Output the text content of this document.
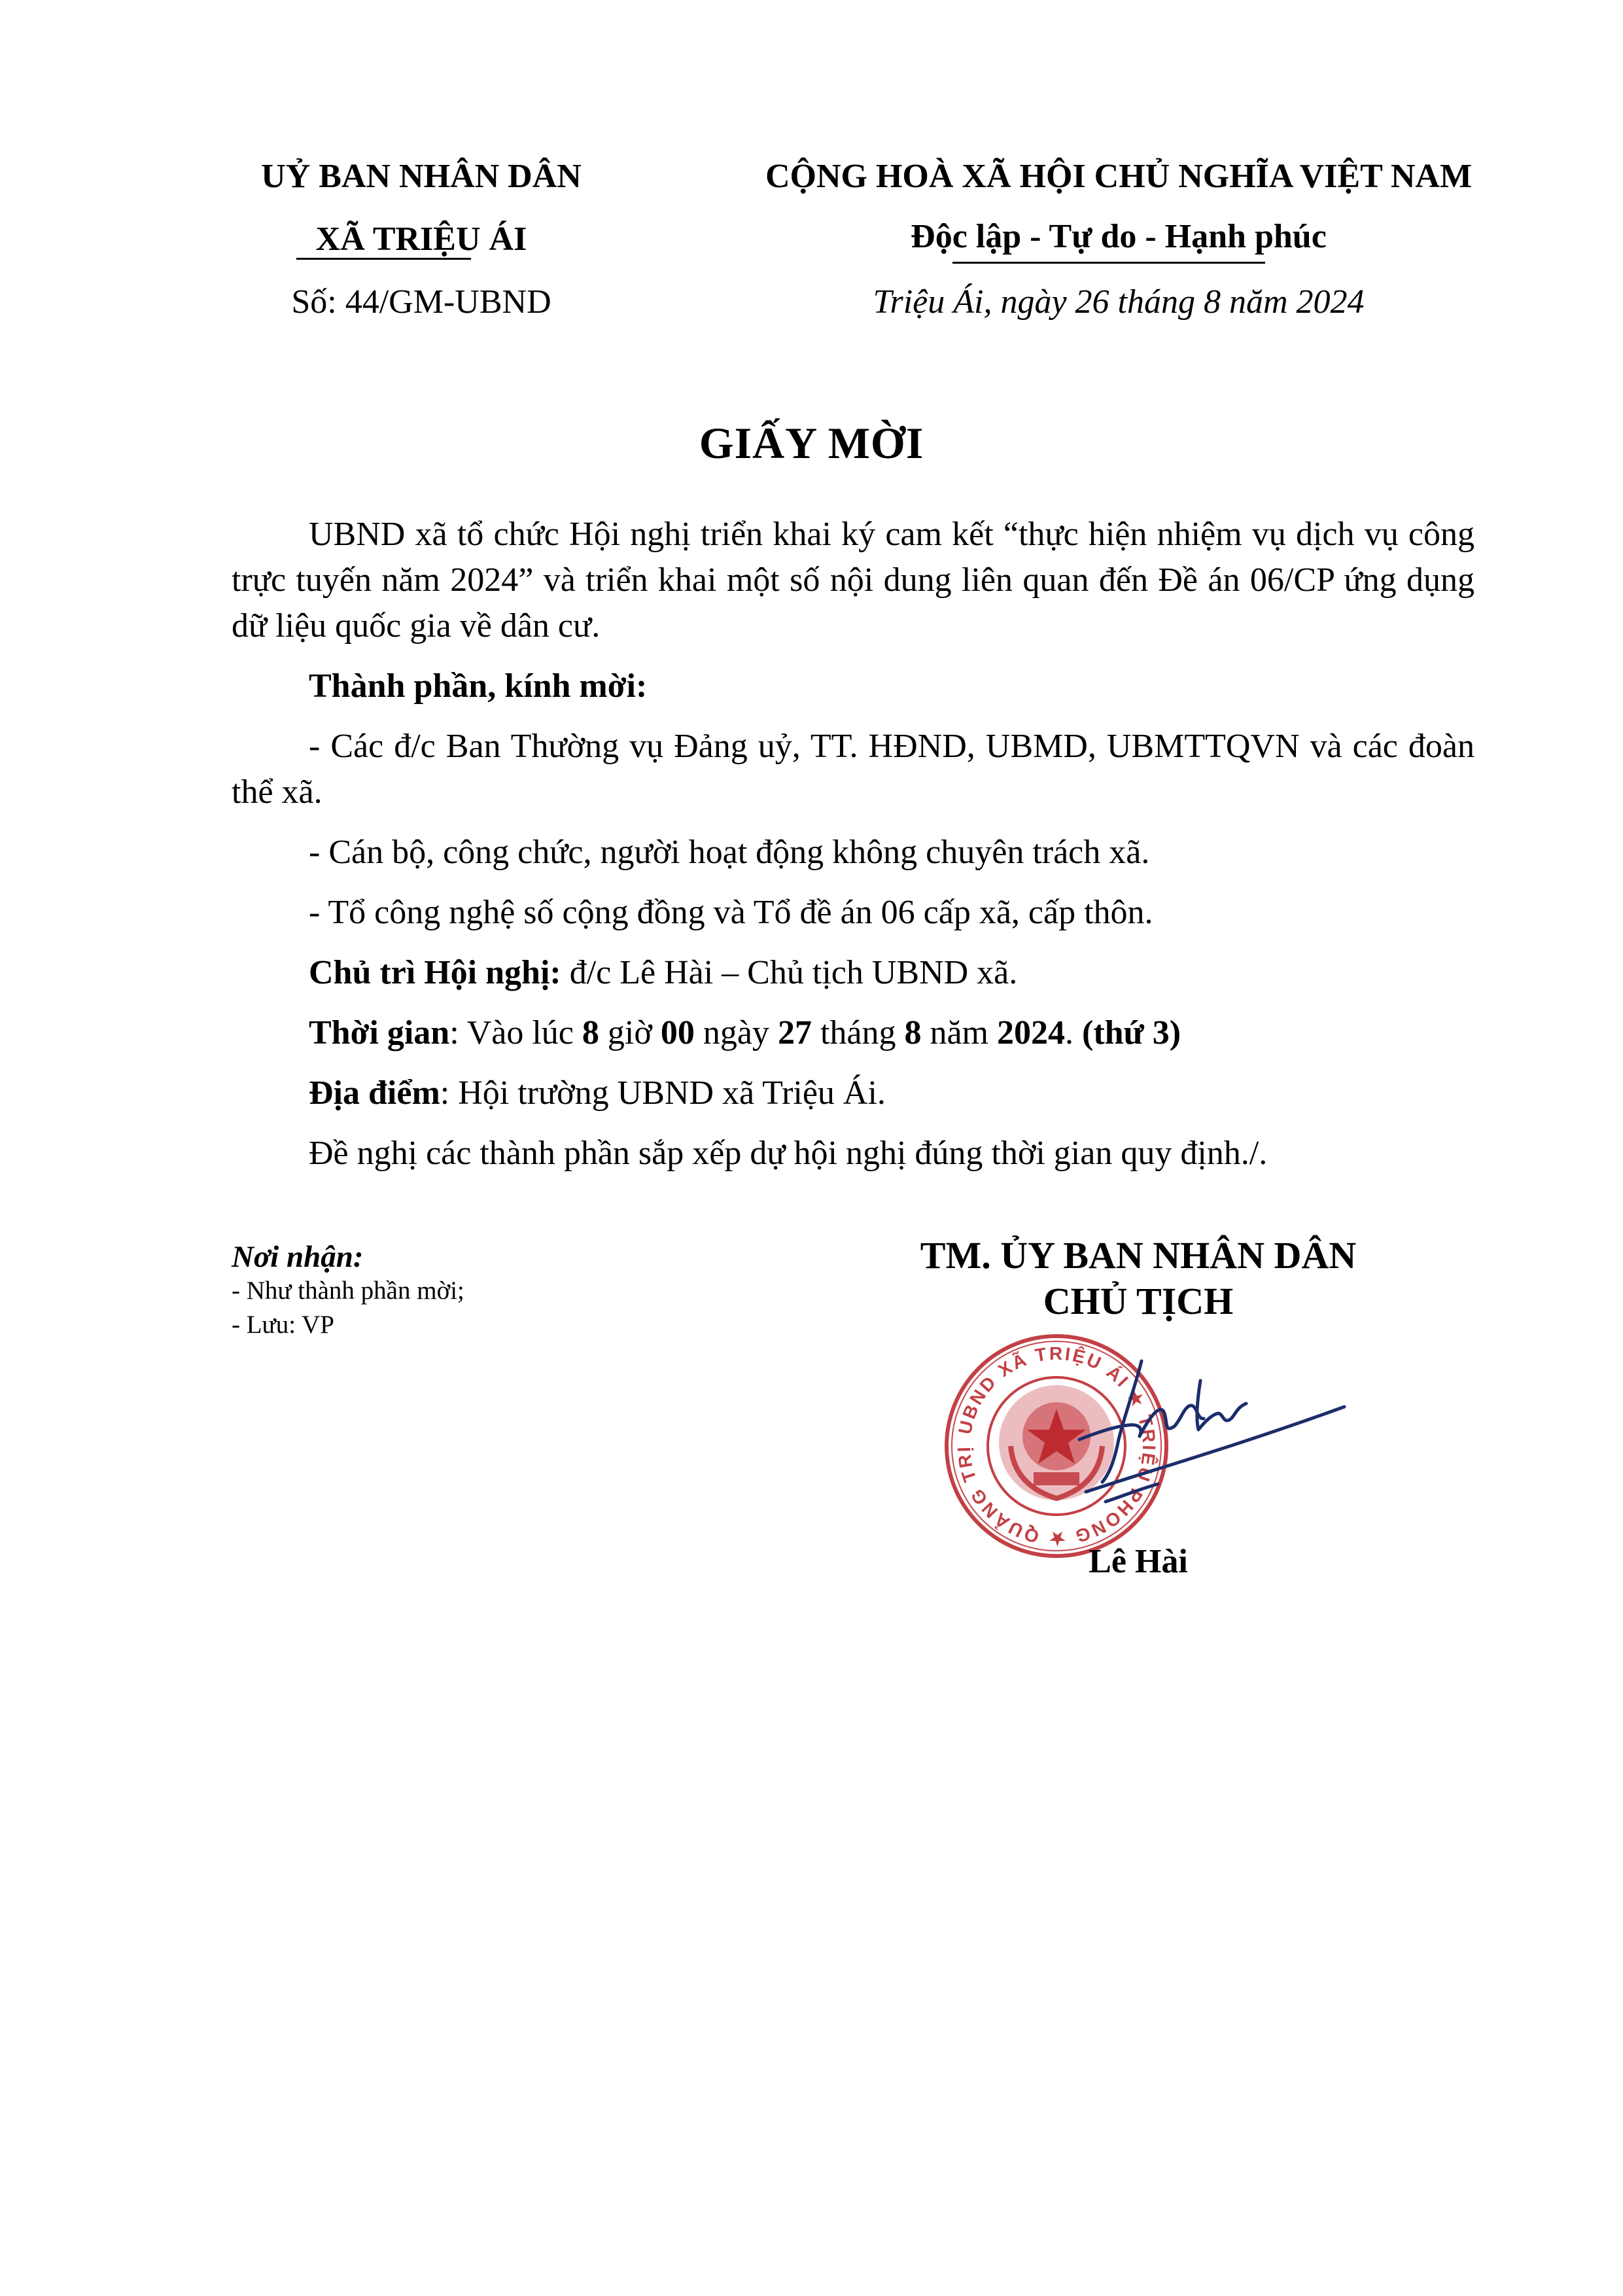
UỶ BAN NHÂN DÂN
XÃ TRIỆU ÁI
Số: 44/GM-UBND
CỘNG HOÀ XÃ HỘI CHỦ NGHĨA VIỆT NAM
Độc lập - Tự do - Hạnh phúc
Triệu Ái, ngày 26 tháng 8 năm 2024
GIẤY MỜI

UBND xã tổ chức Hội nghị triển khai ký cam kết “thực hiện nhiệm vụ dịch vụ công trực tuyến năm 2024” và triển khai một số nội dung liên quan đến Đề án 06/CP ứng dụng dữ liệu quốc gia về dân cư.

Thành phần, kính mời:

- Các đ/c Ban Thường vụ Đảng uỷ, TT. HĐND, UBMD, UBMTTQVN và các đoàn thể xã.

- Cán bộ, công chức, người hoạt động không chuyên trách xã.

- Tổ công nghệ số cộng đồng và Tổ đề án 06 cấp xã, cấp thôn.

Chủ trì Hội nghị: đ/c Lê Hài – Chủ tịch UBND xã.

Thời gian: Vào lúc 8 giờ 00 ngày 27 tháng 8 năm 2024. (thứ 3)

Địa điểm: Hội trường UBND xã Triệu Ái.

Đề nghị các thành phần sắp xếp dự hội nghị đúng thời gian quy định./.

Nơi nhận:
- Như thành phần mời;
- Lưu: VP
TM. ỦY BAN NHÂN DÂN
CHỦ TỊCH
UBND XÃ TRIỆU ÁI ★ TRIỆU PHONG ★ QUẢNG TRỊ
Lê Hài
